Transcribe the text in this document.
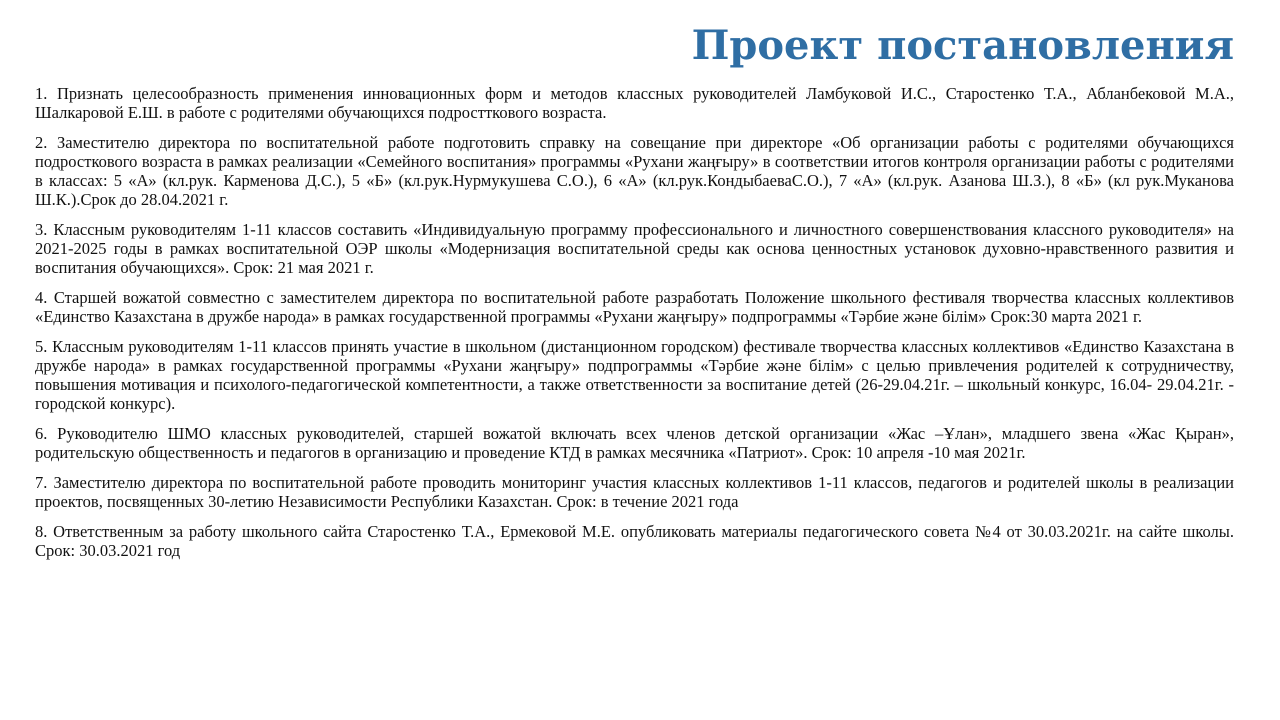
Проект постановления

1. Признать целесообразность применения инновационных форм и методов классных руководителей Ламбуковой И.С., Старостенко Т.А., Абланбековой М.А., Шалкаровой Е.Ш. в работе с родителями обучающихся подростткового возраста.

2. Заместителю директора по воспитательной работе подготовить справку на совещание при директоре «Об организации работы с родителями обучающихся подросткового возраста в рамках реализации «Семейного воспитания» программы «Рухани жаңғыру» в соответствии итогов контроля организации работы с родителями в классах: 5 «А» (кл.рук. Карменова Д.С.), 5 «Б» (кл.рук.Нурмукушева С.О.), 6 «А» (кл.рук.КондыбаеваС.О.), 7 «А» (кл.рук. Азанова Ш.З.), 8 «Б» (кл рук.Муканова Ш.К.).Срок до 28.04.2021 г.

3. Классным руководителям 1-11 классов составить «Индивидуальную программу профессионального и личностного совершенствования классного руководителя» на 2021-2025 годы в рамках воспитательной ОЭР школы «Модернизация воспитательной среды как основа ценностных установок духовно-нравственного развития и воспитания обучающихся». Срок: 21 мая 2021 г.

4. Старшей вожатой совместно с заместителем директора по воспитательной работе разработать Положение школьного фестиваля творчества классных коллективов «Единство Казахстана в дружбе народа» в рамках государственной программы «Рухани жаңғыру» подпрограммы «Тәрбие және білім» Срок:30 марта 2021 г.

5. Классным руководителям 1-11 классов принять участие в школьном (дистанционном городском) фестивале творчества классных коллективов «Единство Казахстана в дружбе народа» в рамках государственной программы «Рухани жаңғыру» подпрограммы «Тәрбие және білім» с целью привлечения родителей к сотрудничеству, повышения мотивация и психолого-педагогической компетентности, а также ответственности за воспитание детей (26-29.04.21г. – школьный конкурс, 16.04- 29.04.21г. - городской конкурс).

6. Руководителю ШМО классных руководителей, старшей вожатой включать всех членов детской организации «Жас –Ұлан», младшего звена «Жас Қыран», родительскую общественность и педагогов в организацию и проведение КТД в рамках месячника «Патриот». Срок: 10 апреля -10 мая 2021г.

7. Заместителю директора по воспитательной работе проводить мониторинг участия классных коллективов 1-11 классов, педагогов и родителей школы в реализации проектов, посвященных 30-летию Независимости Республики Казахстан. Срок: в течение 2021 года

8. Ответственным за работу школьного сайта Старостенко Т.А., Ермековой М.Е. опубликовать материалы педагогического совета №4 от 30.03.2021г. на сайте школы. Срок: 30.03.2021 год
